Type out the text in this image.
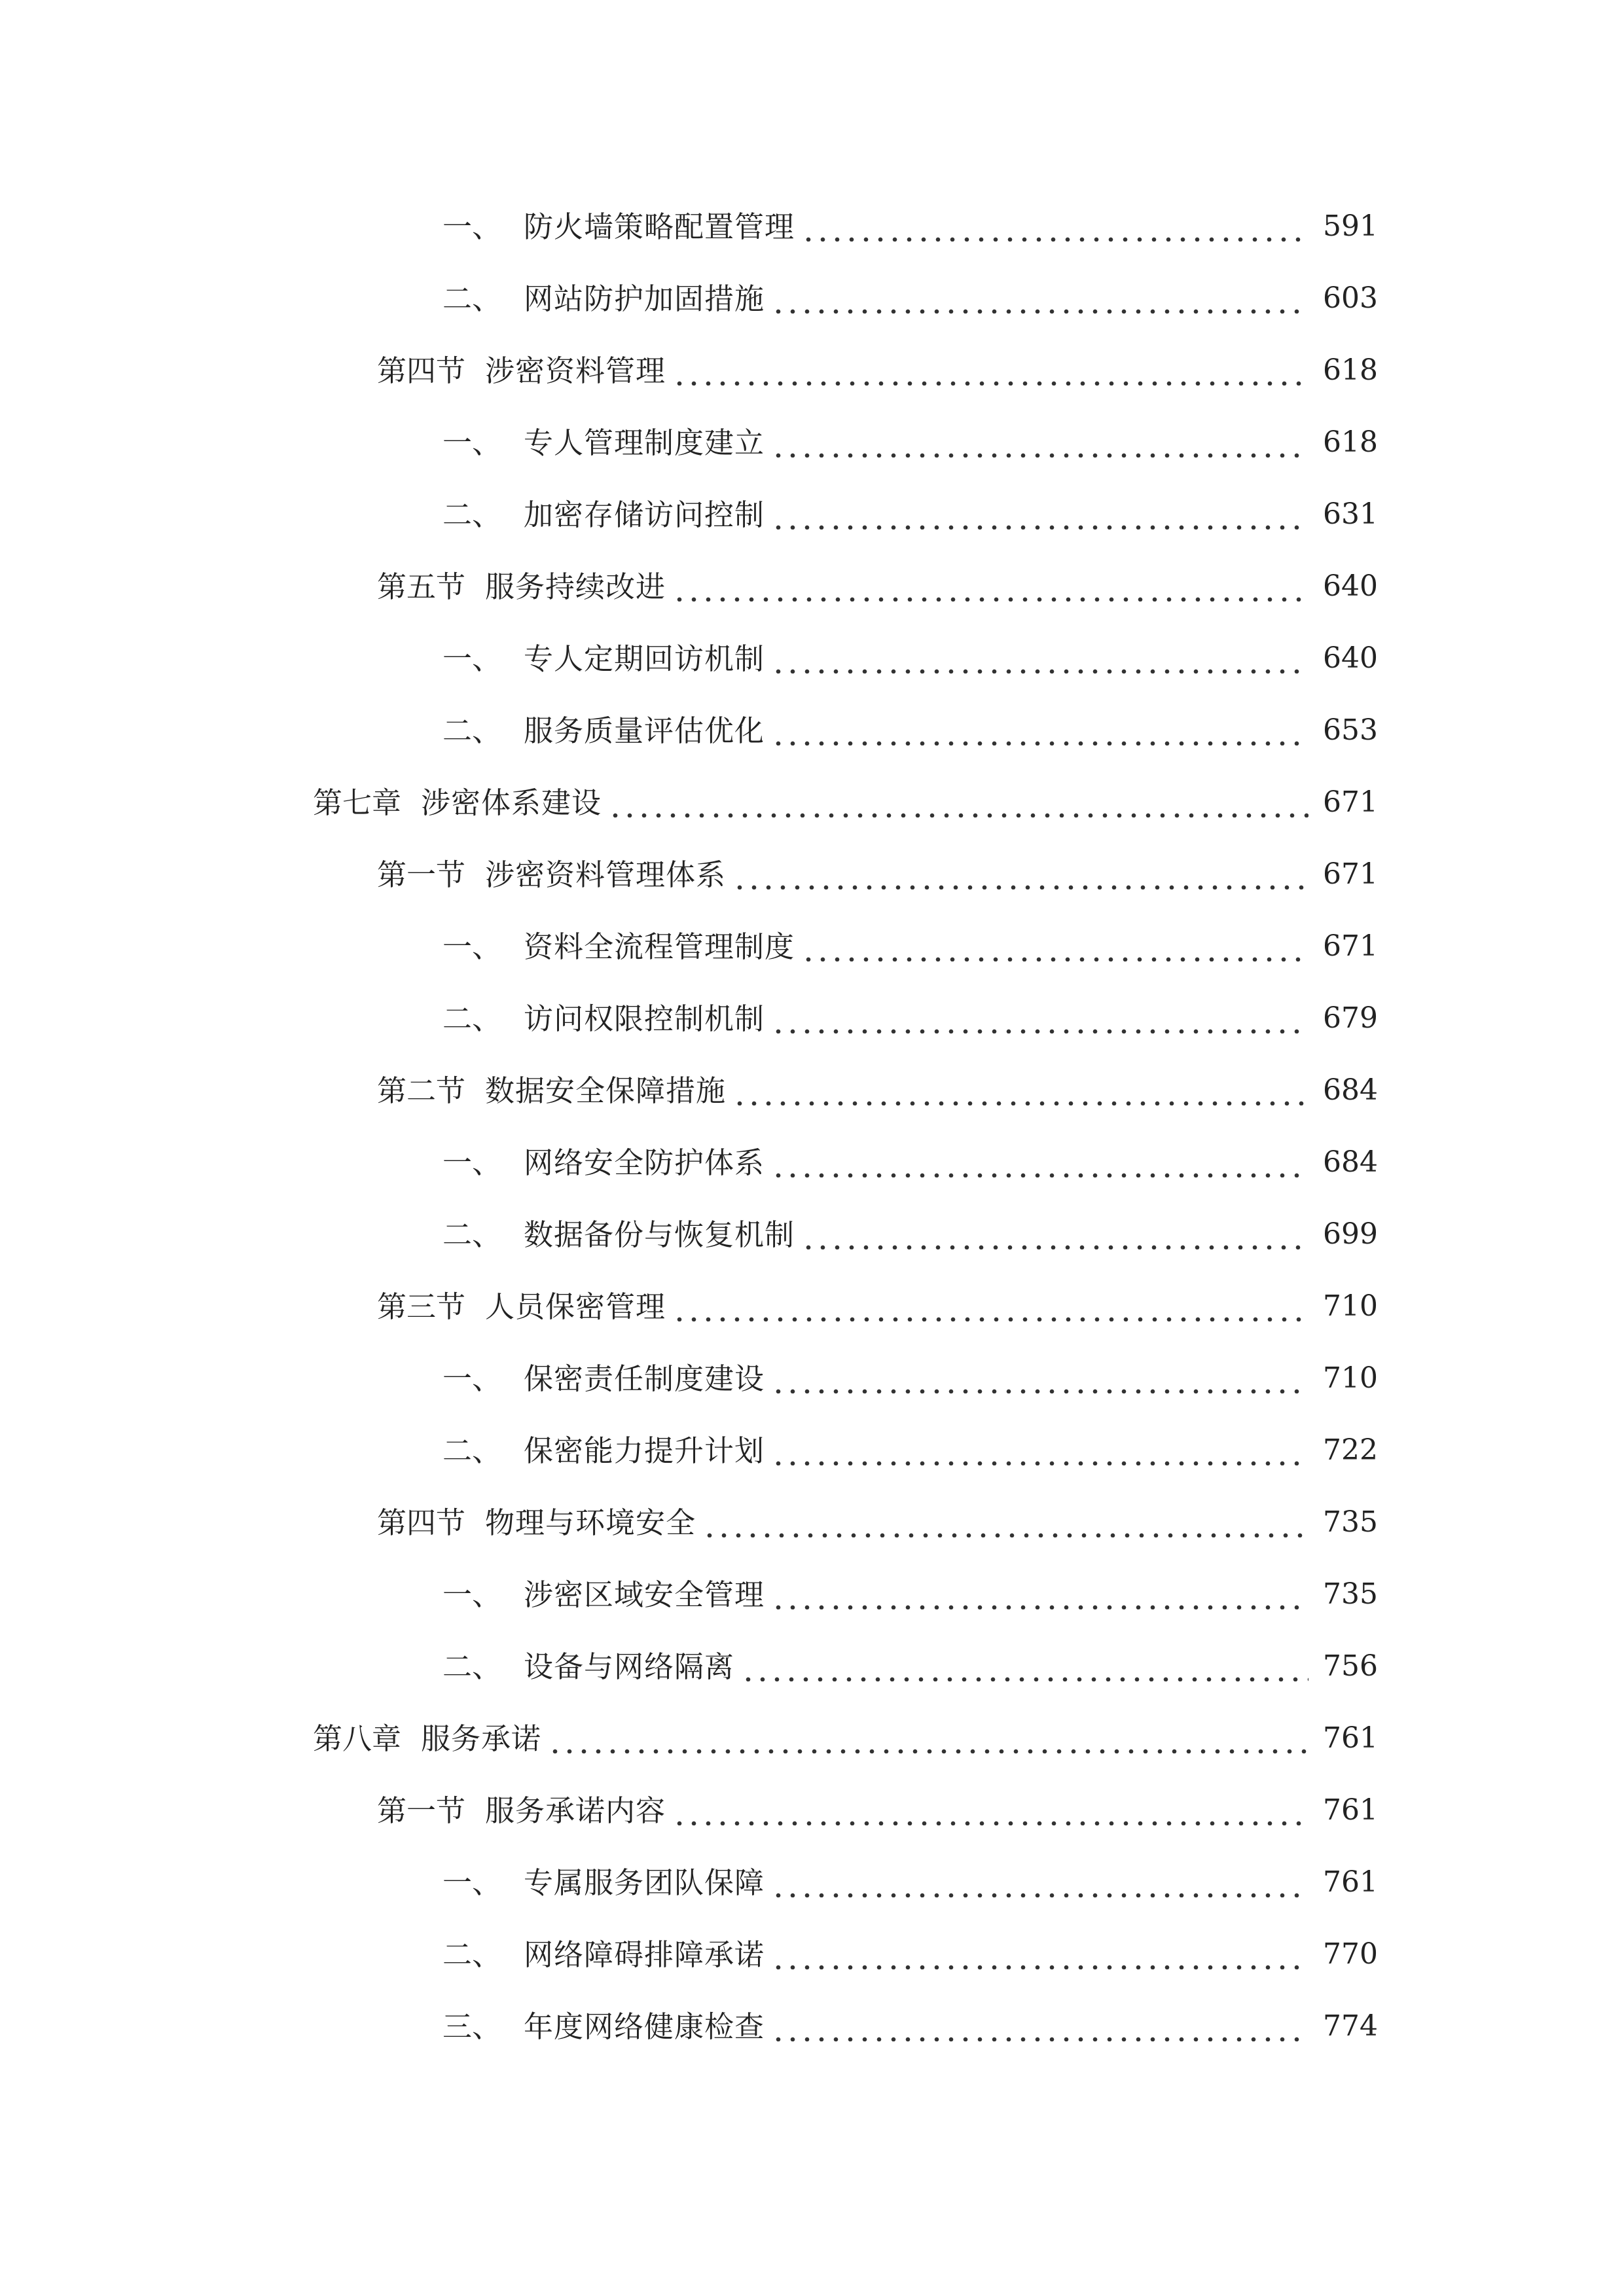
一、 防火墙策略配置管理	591
二、 网站防护加固措施	603
第四节 涉密资料管理	618
一、 专人管理制度建立	618
二、 加密存储访问控制	631
第五节 服务持续改进	640
一、 专人定期回访机制	640
二、 服务质量评估优化	653
第七章 涉密体系建设	671
第一节 涉密资料管理体系	671
一、 资料全流程管理制度	671
二、 访问权限控制机制	679
第二节 数据安全保障措施	684
一、 网络安全防护体系	684
二、 数据备份与恢复机制	699
第三节 人员保密管理	710
一、 保密责任制度建设	710
二、 保密能力提升计划	722
第四节 物理与环境安全	735
一、 涉密区域安全管理	735
二、 设备与网络隔离	756
第八章 服务承诺	761
第一节 服务承诺内容	761
一、 专属服务团队保障	761
二、 网络障碍排障承诺	770
三、 年度网络健康检查	774
